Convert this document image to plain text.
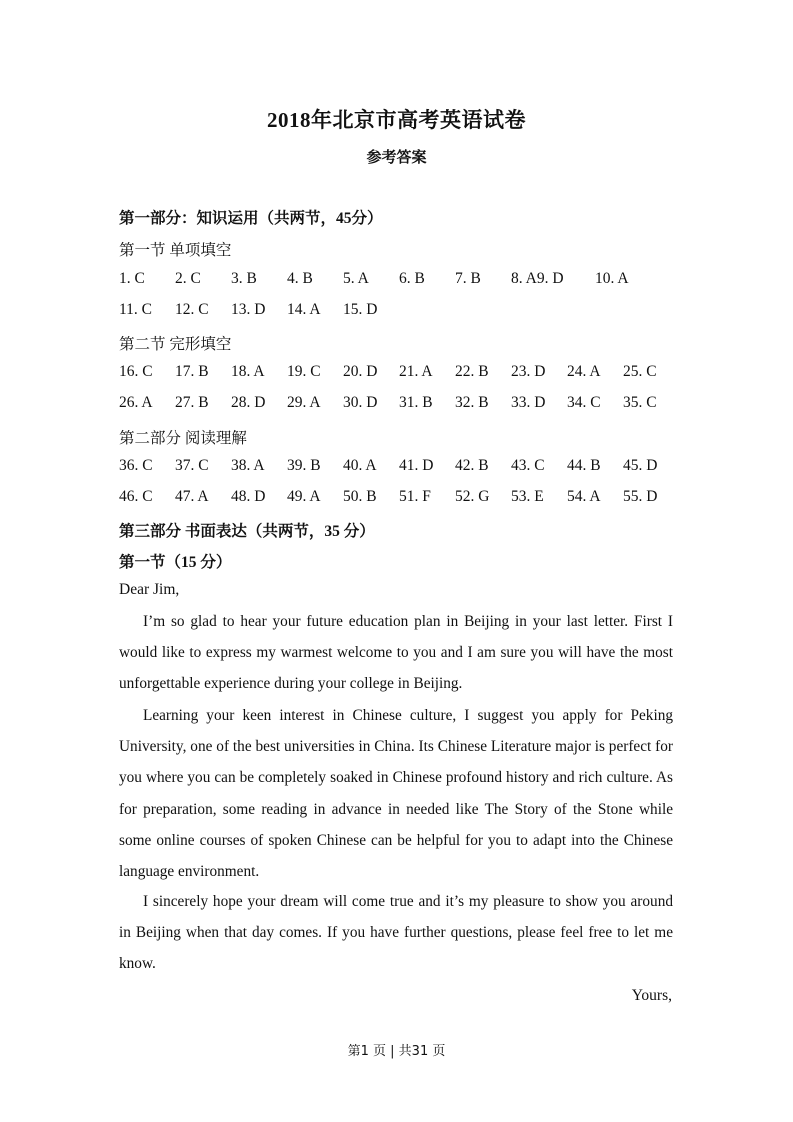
2018年北京市高考英语试卷
参考答案
第一部分：知识运用（共两节，45分）
第一节 单项填空
1. C 2. C 3. B 4. B 5. A 6. B 7. B 8. A9. D 10. A
11. C 12. C 13. D 14. A 15. D
第二节 完形填空
16. C 17. B 18. A 19. C 20. D 21. A 22. B 23. D 24. A 25. C
26. A 27. B 28. D 29. A 30. D 31. B 32. B 33. D 34. C 35. C
第二部分 阅读理解
36. C 37. C 38. A 39. B 40. A 41. D 42. B 43. C 44. B 45. D
46. C 47. A 48. D 49. A 50. B 51. F 52. G 53. E 54. A 55. D
第三部分 书面表达（共两节，35 分）
第一节（15 分）
Dear Jim,

I’m so glad to hear your future education plan in Beijing in your last letter. First I would like to express my warmest welcome to you and I am sure you will have the most unforgettable experience during your college in Beijing.

Learning your keen interest in Chinese culture, I suggest you apply for Peking University, one of the best universities in China. Its Chinese Literature major is perfect for you where you can be completely soaked in Chinese profound history and rich culture. As for preparation, some reading in advance in needed like The Story of the Stone while some online courses of spoken Chinese can be helpful for you to adapt into the Chinese language environment.

I sincerely hope your dream will come true and it’s my pleasure to show you around in Beijing when that day comes. If you have further questions, please feel free to let me know.

Yours,
第1 页 | 共31 页
